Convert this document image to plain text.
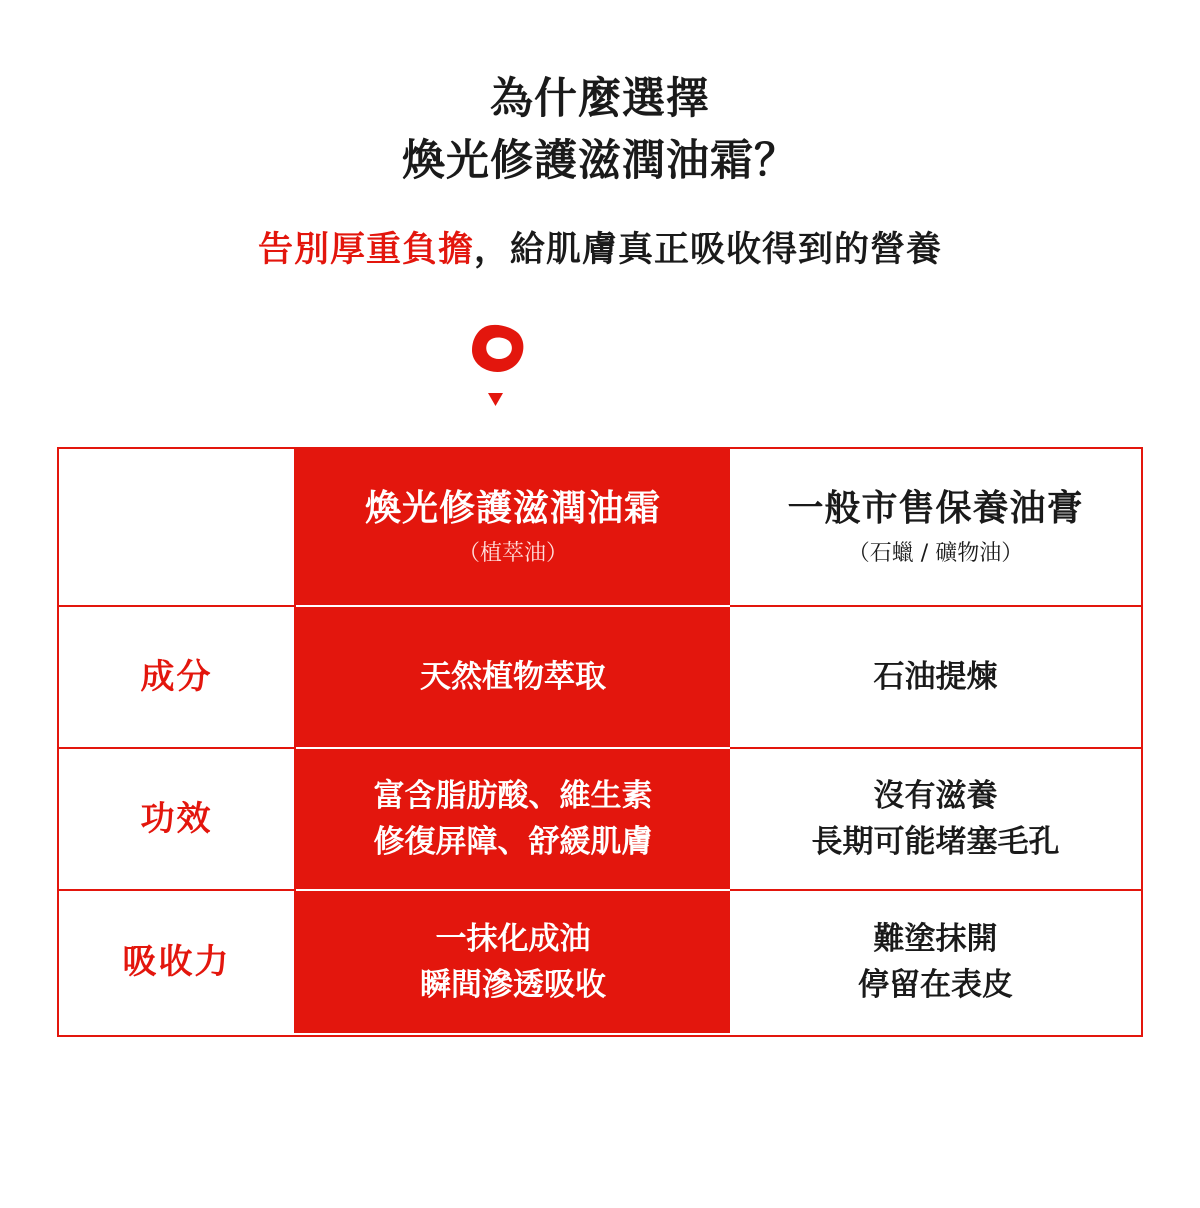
為什麼選擇
煥光修護滋潤油霜？
告別厚重負擔，給肌膚真正吸收得到的營養
煥光修護滋潤油霜
（植萃油）
一般市售保養油膏
（石蠟 / 礦物油）
成分	天然植物萃取	石油提煉
功效
富含脂肪酸、維生素
修復屏障、舒緩肌膚
沒有滋養
長期可能堵塞毛孔
吸收力
一抹化成油
瞬間滲透吸收
難塗抹開
停留在表皮
